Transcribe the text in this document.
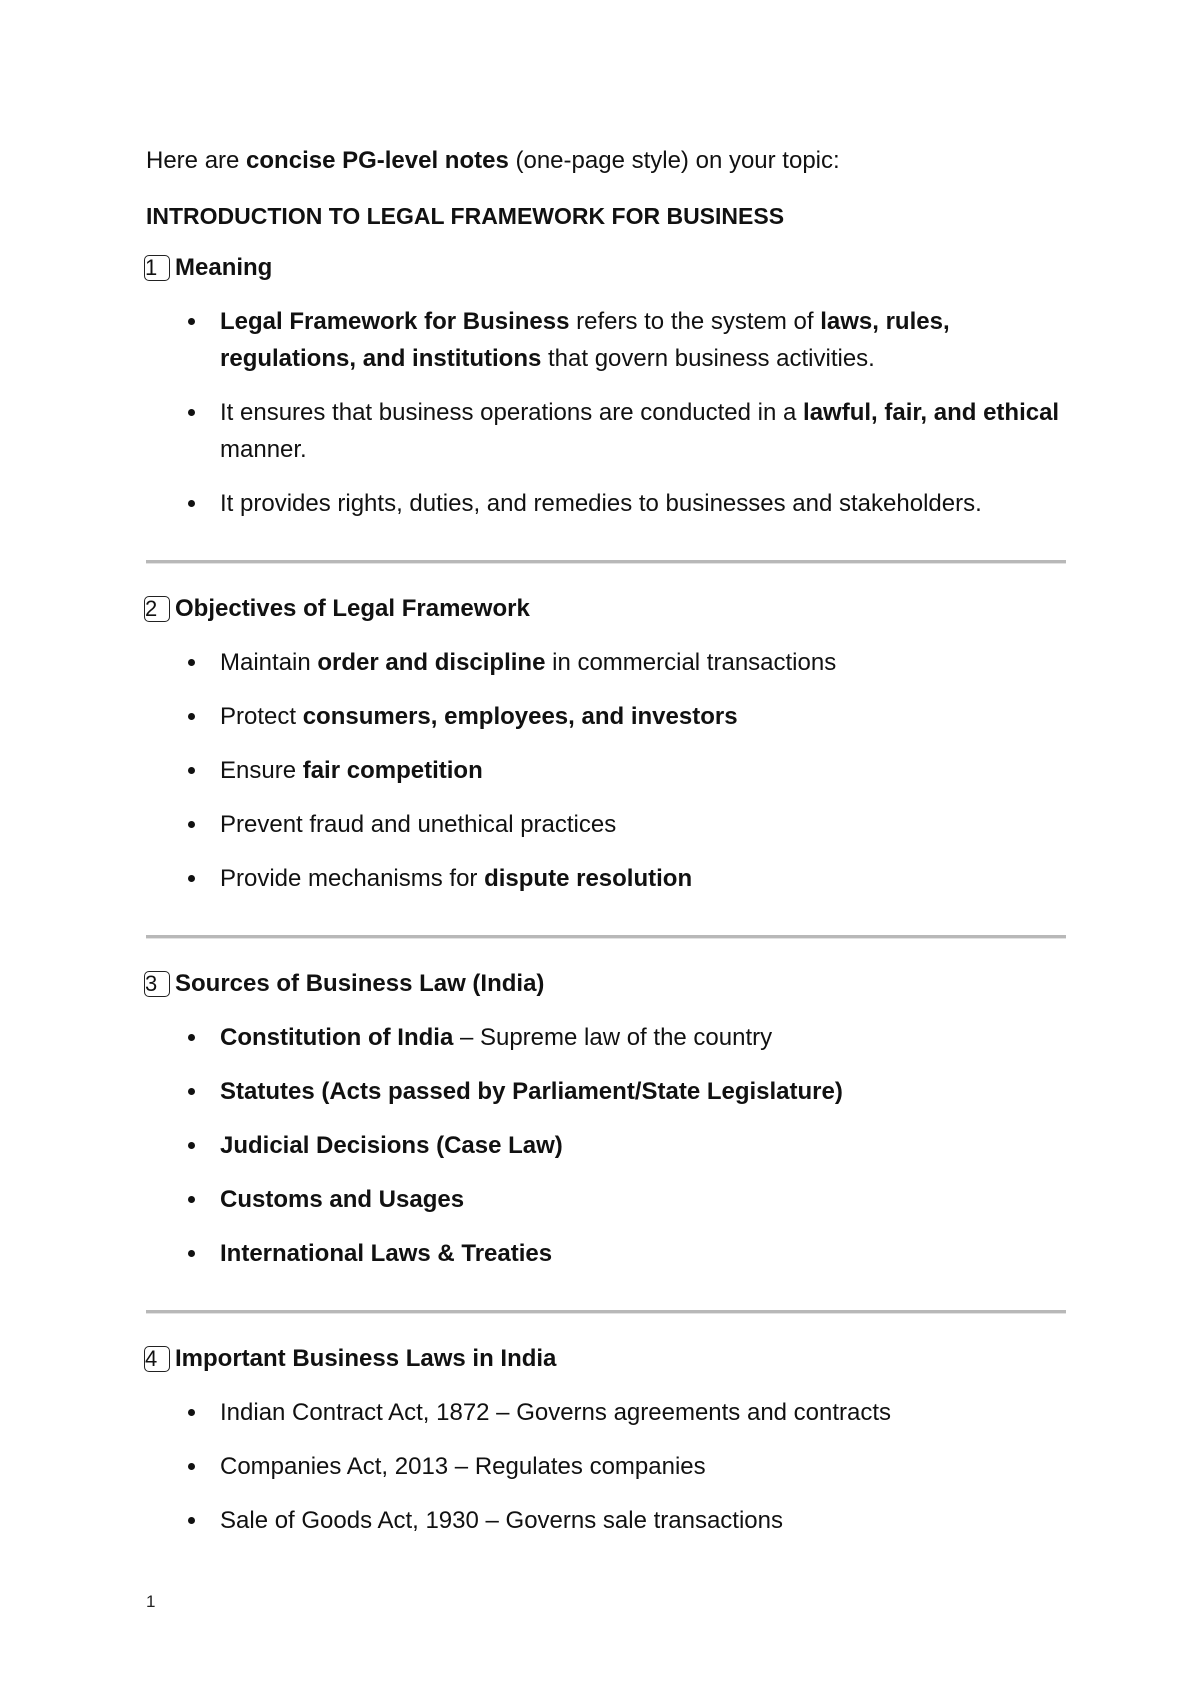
Here are concise PG-level notes (one-page style) on your topic:

INTRODUCTION TO LEGAL FRAMEWORK FOR BUSINESS
1 Meaning
Legal Framework for Business refers to the system of laws, rules, regulations, and institutions that govern business activities.
It ensures that business operations are conducted in a lawful, fair, and ethical manner.
It provides rights, duties, and remedies to businesses and stakeholders.
2 Objectives of Legal Framework
Maintain order and discipline in commercial transactions
Protect consumers, employees, and investors
Ensure fair competition
Prevent fraud and unethical practices
Provide mechanisms for dispute resolution
3 Sources of Business Law (India)
Constitution of India – Supreme law of the country
Statutes (Acts passed by Parliament/State Legislature)
Judicial Decisions (Case Law)
Customs and Usages
International Laws & Treaties
4 Important Business Laws in India
Indian Contract Act, 1872 – Governs agreements and contracts
Companies Act, 2013 – Regulates companies
Sale of Goods Act, 1930 – Governs sale transactions
1
